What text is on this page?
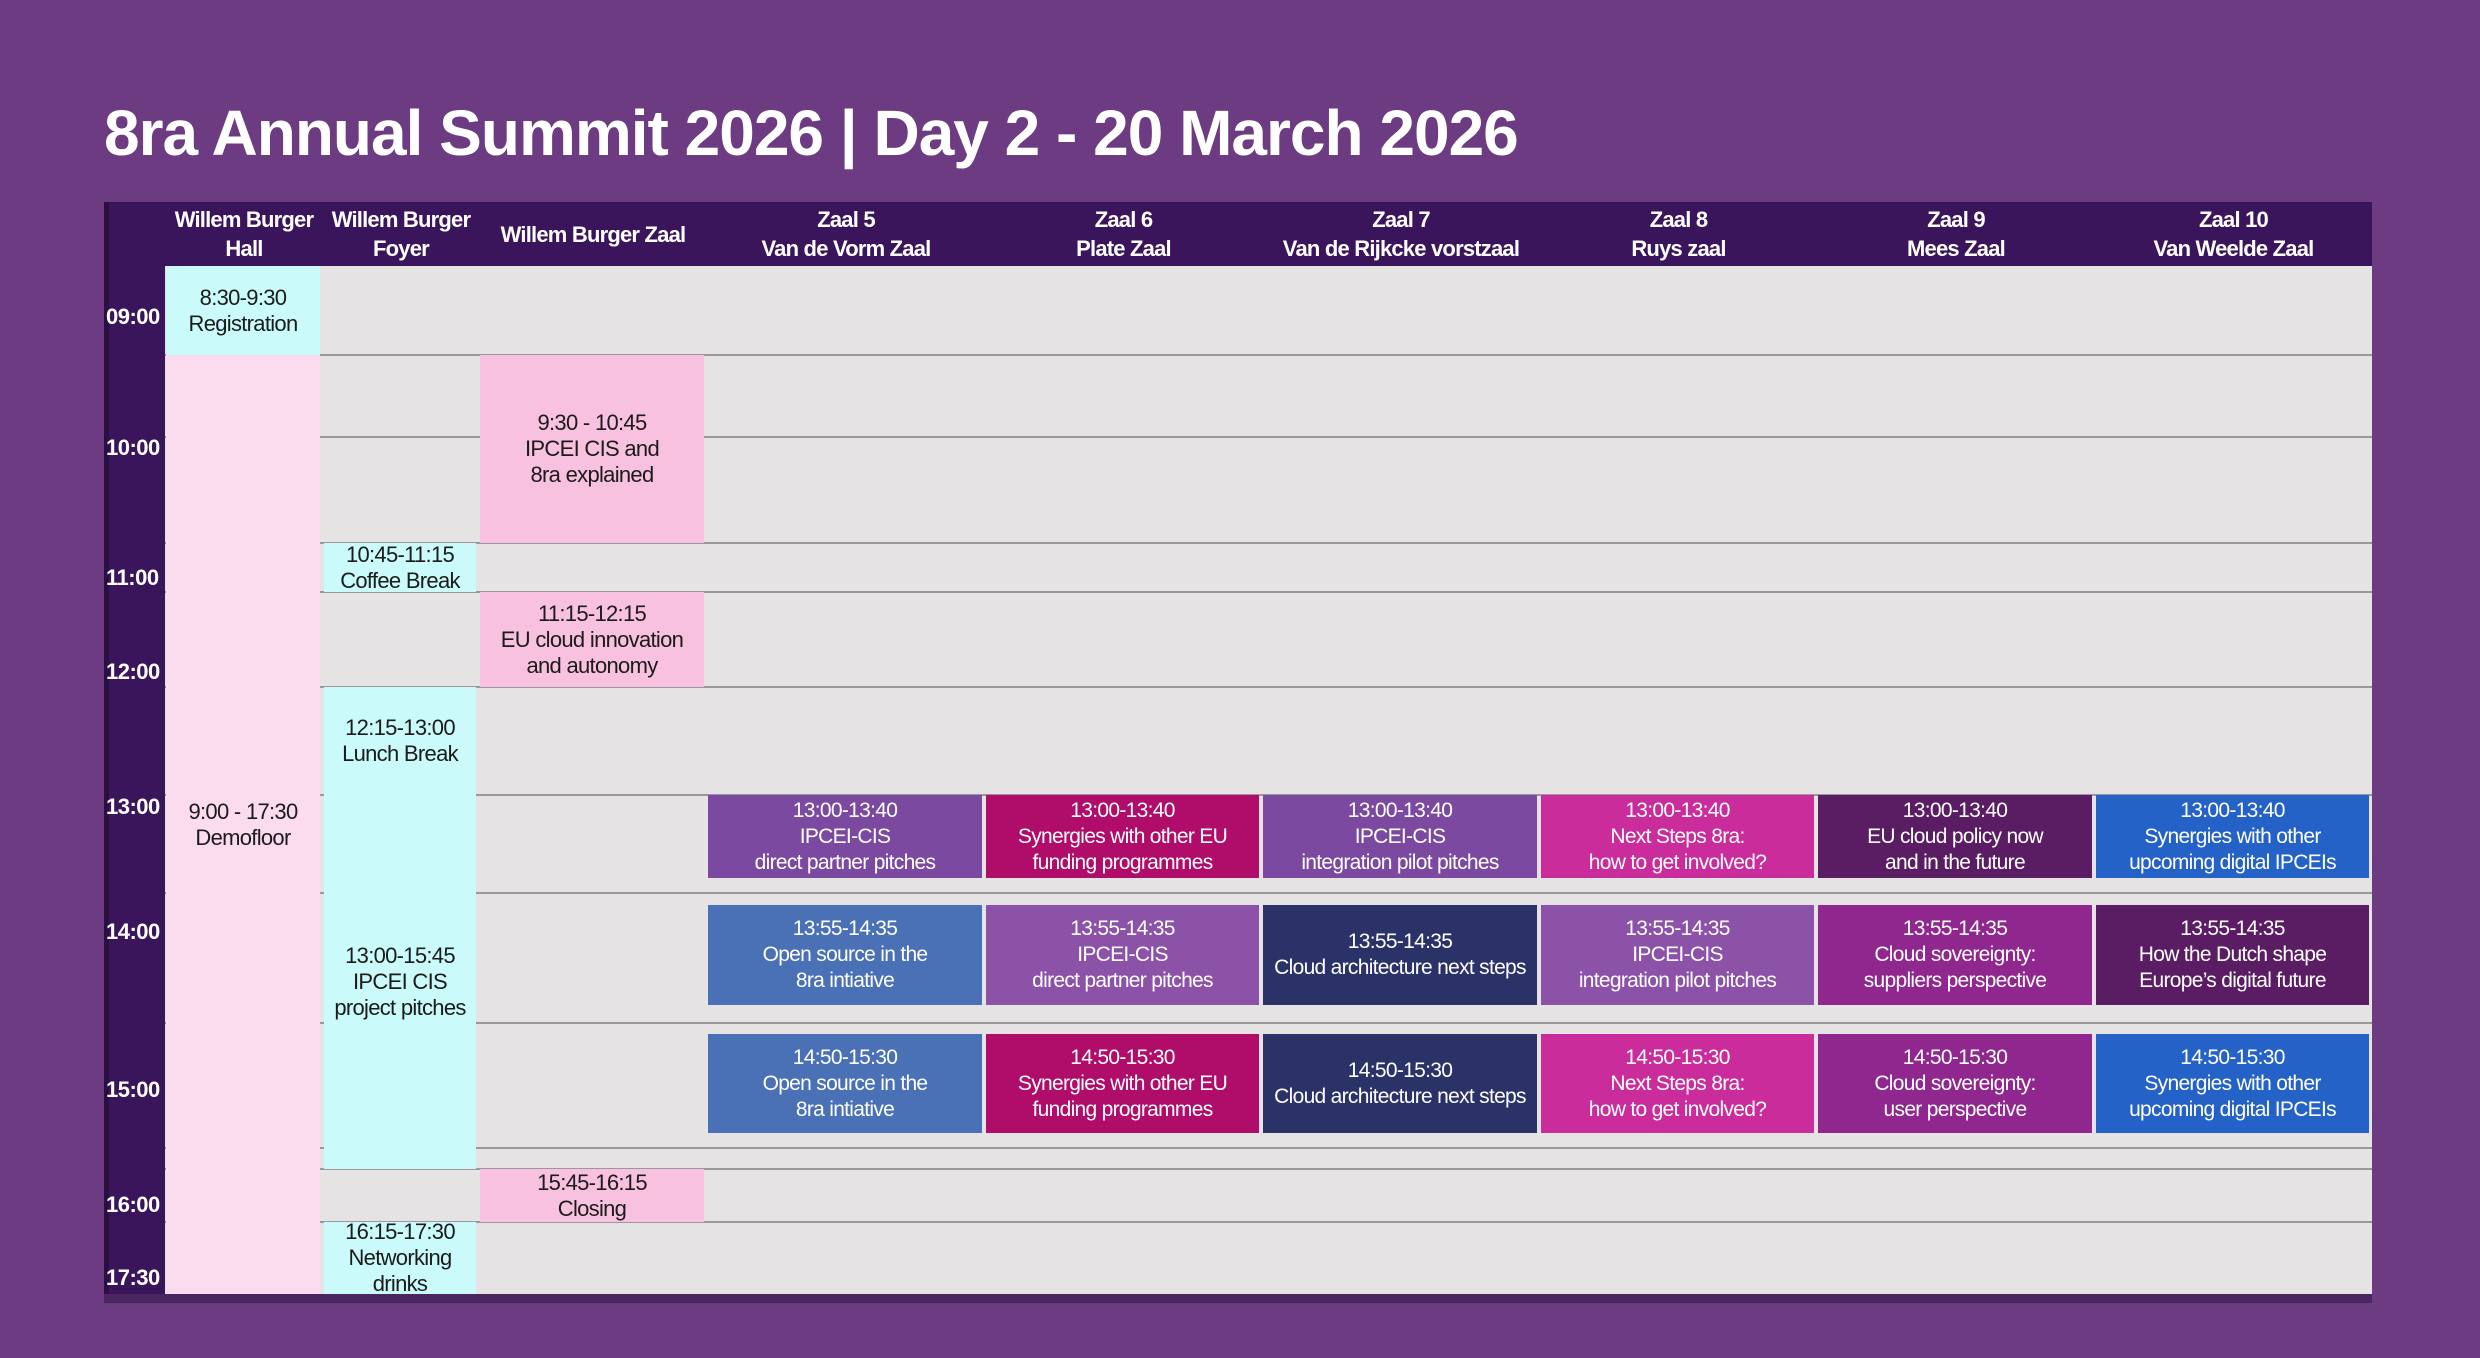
8ra Annual Summit 2026 | Day 2 - 20 March 2026
Willem Burger
Hall
Willem Burger
Foyer
Willem Burger Zaal
Zaal 5
Van de Vorm Zaal
Zaal 6
Plate Zaal
Zaal 7
Van de Rijkcke vorstzaal
Zaal 8
Ruys zaal
Zaal 9
Mees Zaal
Zaal 10
Van Weelde Zaal
09:00
10:00
11:00
12:00
13:00
14:00
15:00
16:00
17:30
8:30-9:30
Registration
9:00 - 17:30
Demofloor
10:45-11:15
Coffee Break
12:15-13:00
Lunch Break
13:00-15:45
IPCEI CIS
project pitches
16:15-17:30
Networking
drinks
9:30 - 10:45
IPCEI CIS and
8ra explained
11:15-12:15
EU cloud innovation
and autonomy
15:45-16:15
Closing
13:00-13:40
IPCEI-CIS
direct partner pitches
13:55-14:35
Open source in the
8ra intiative
14:50-15:30
Open source in the
8ra intiative
13:00-13:40
Synergies with other EU
funding programmes
13:55-14:35
IPCEI-CIS
direct partner pitches
14:50-15:30
Synergies with other EU
funding programmes
13:00-13:40
IPCEI-CIS
integration pilot pitches
13:55-14:35
Cloud architecture next steps
14:50-15:30
Cloud architecture next steps
13:00-13:40
Next Steps 8ra:
how to get involved?
13:55-14:35
IPCEI-CIS
integration pilot pitches
14:50-15:30
Next Steps 8ra:
how to get involved?
13:00-13:40
EU cloud policy now
and in the future
13:55-14:35
Cloud sovereignty:
suppliers perspective
14:50-15:30
Cloud sovereignty:
user perspective
13:00-13:40
Synergies with other
upcoming digital IPCEIs
13:55-14:35
How the Dutch shape
Europe’s digital future
14:50-15:30
Synergies with other
upcoming digital IPCEIs
